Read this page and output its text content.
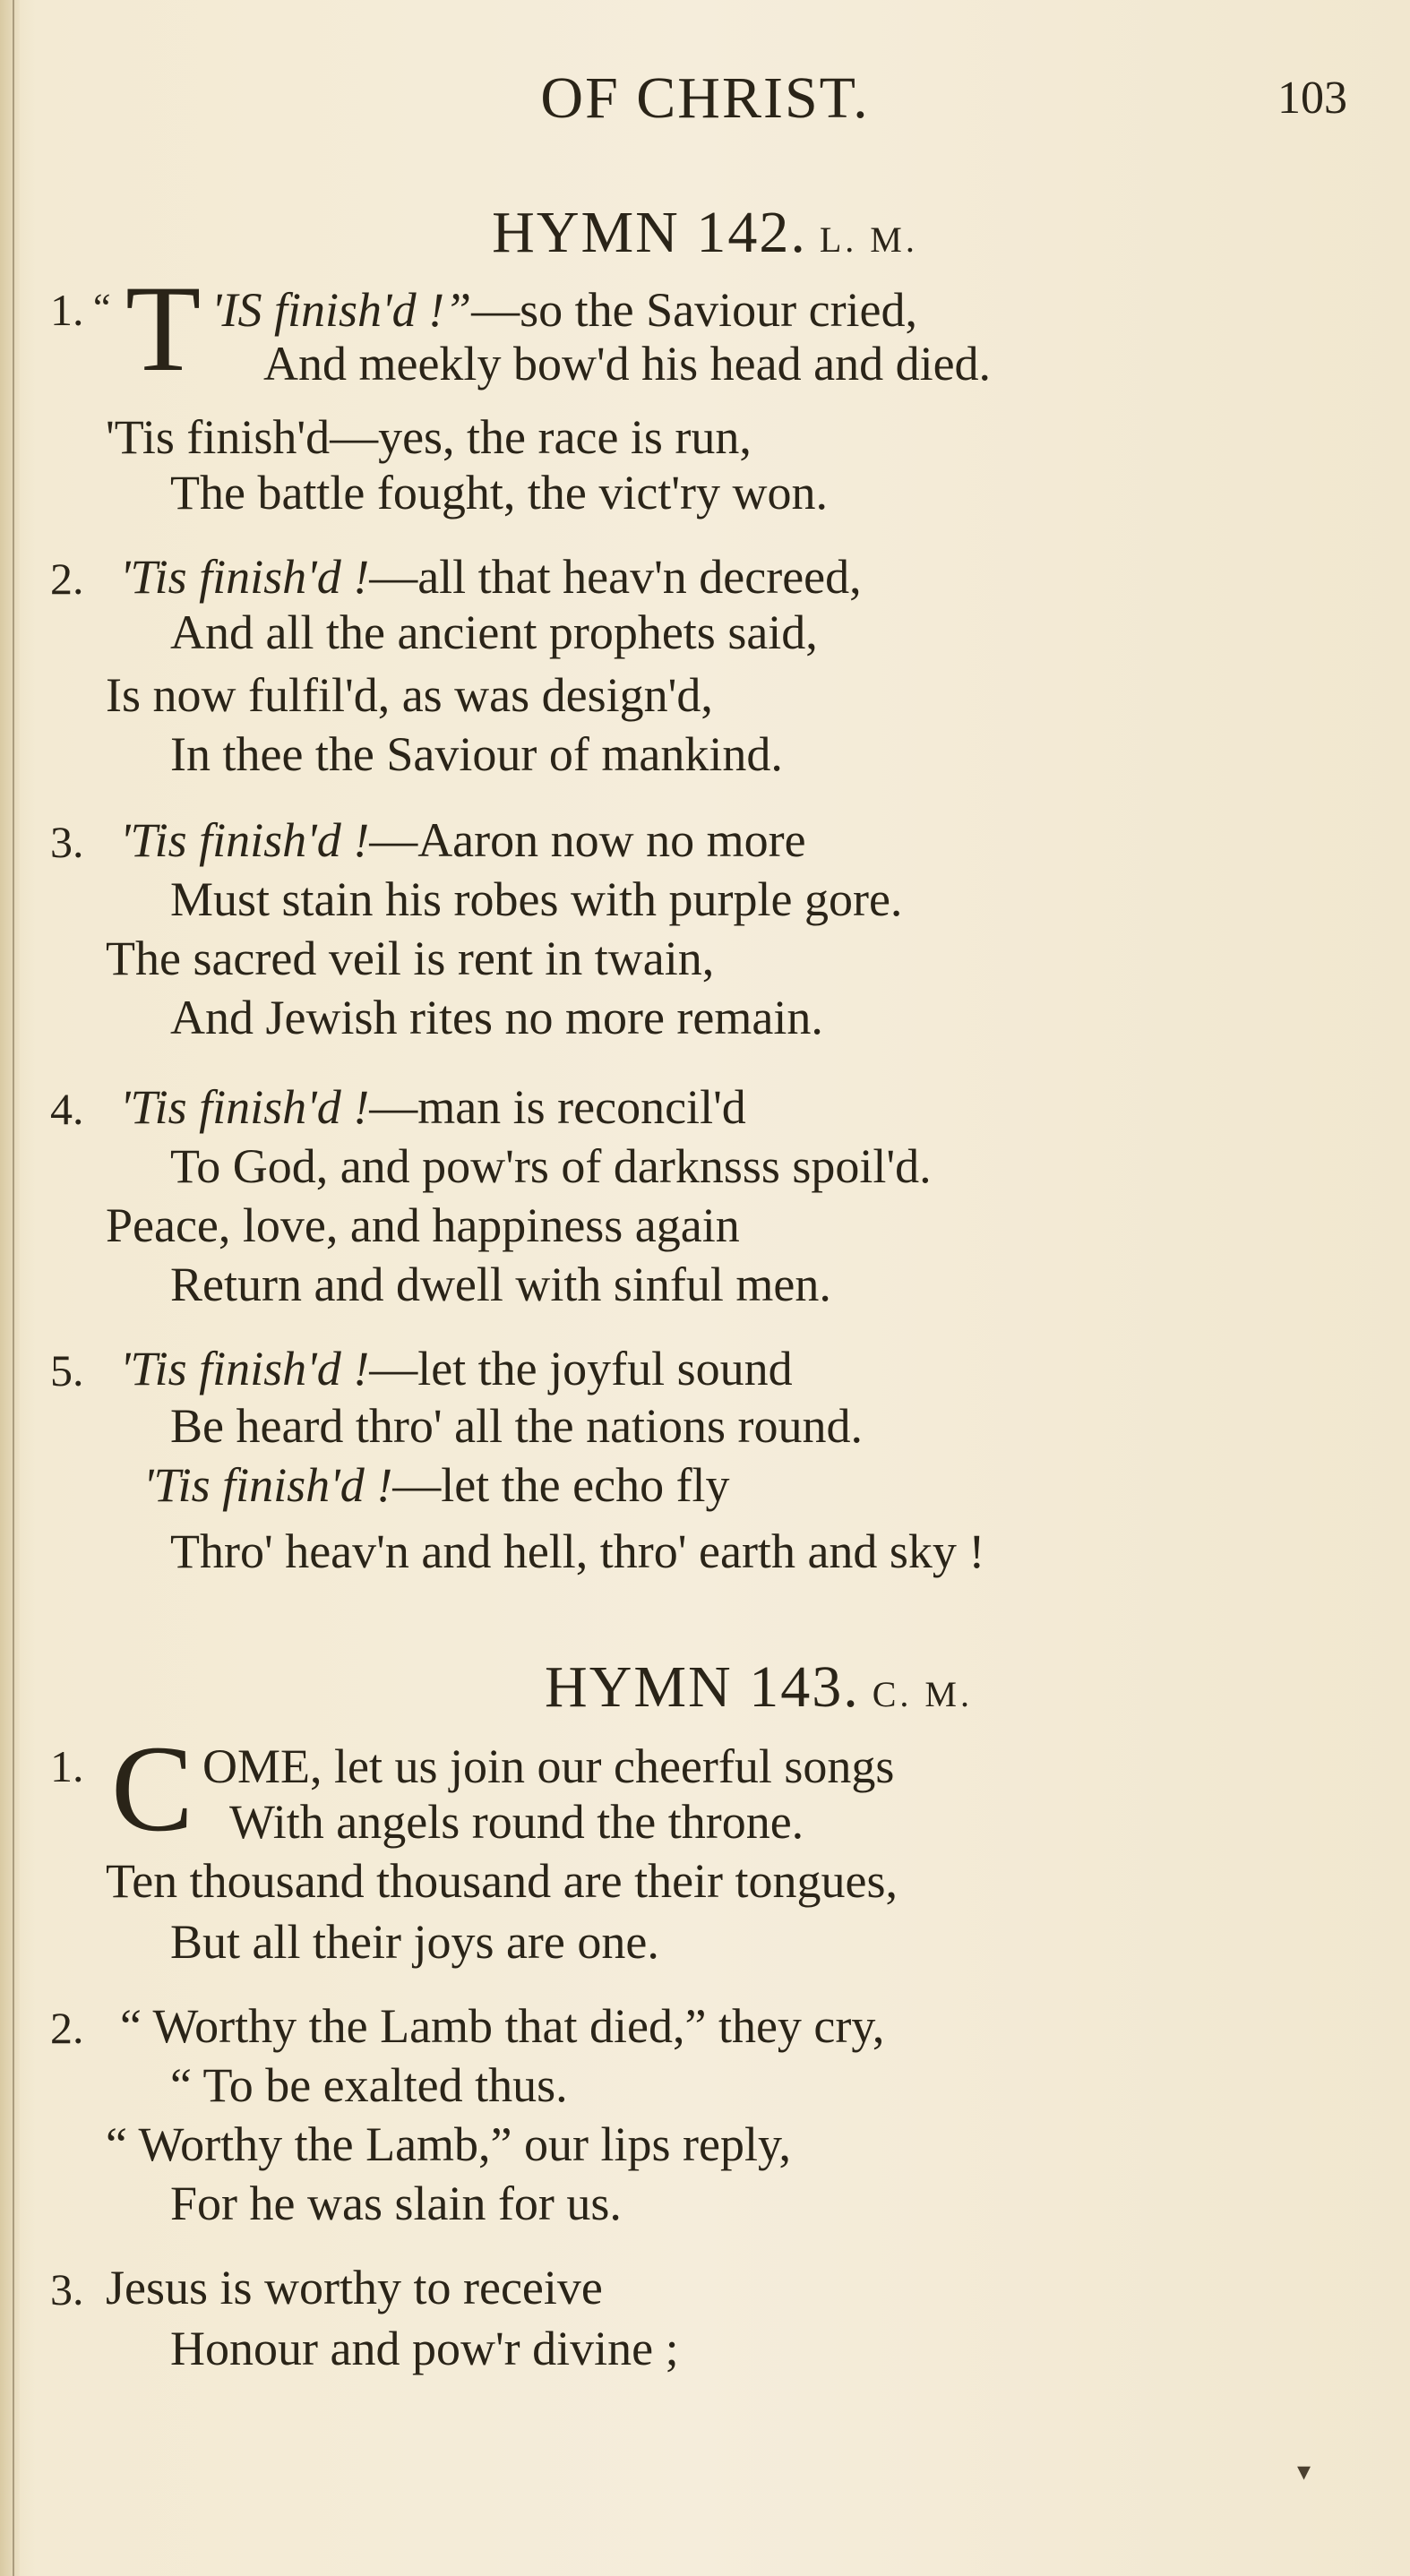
OF CHRIST.	103
HYMN 142. L. M.
1. “ T 'IS finish'd !”—so the Saviour cried,
And meekly bow'd his head and died.
'Tis finish'd—yes, the race is run,
The battle fought, the vict'ry won.
2. 'Tis finish'd !—all that heav'n decreed,
And all the ancient prophets said,
Is now fulfil'd, as was design'd,
In thee the Saviour of mankind.
3. 'Tis finish'd !—Aaron now no more
Must stain his robes with purple gore.
The sacred veil is rent in twain,
And Jewish rites no more remain.
4. 'Tis finish'd !—man is reconcil'd
To God, and pow'rs of darknsss spoil'd.
Peace, love, and happiness again
Return and dwell with sinful men.
5. 'Tis finish'd !—let the joyful sound
Be heard thro' all the nations round.
'Tis finish'd !—let the echo fly
Thro' heav'n and hell, thro' earth and sky !
HYMN 143. C. M.
1. C OME, let us join our cheerful songs
With angels round the throne.
Ten thousand thousand are their tongues,
But all their joys are one.
2. “ Worthy the Lamb that died,” they cry,
“ To be exalted thus.
“ Worthy the Lamb,” our lips reply,
For he was slain for us.
3. Jesus is worthy to receive
Honour and pow'r divine ;
▾
